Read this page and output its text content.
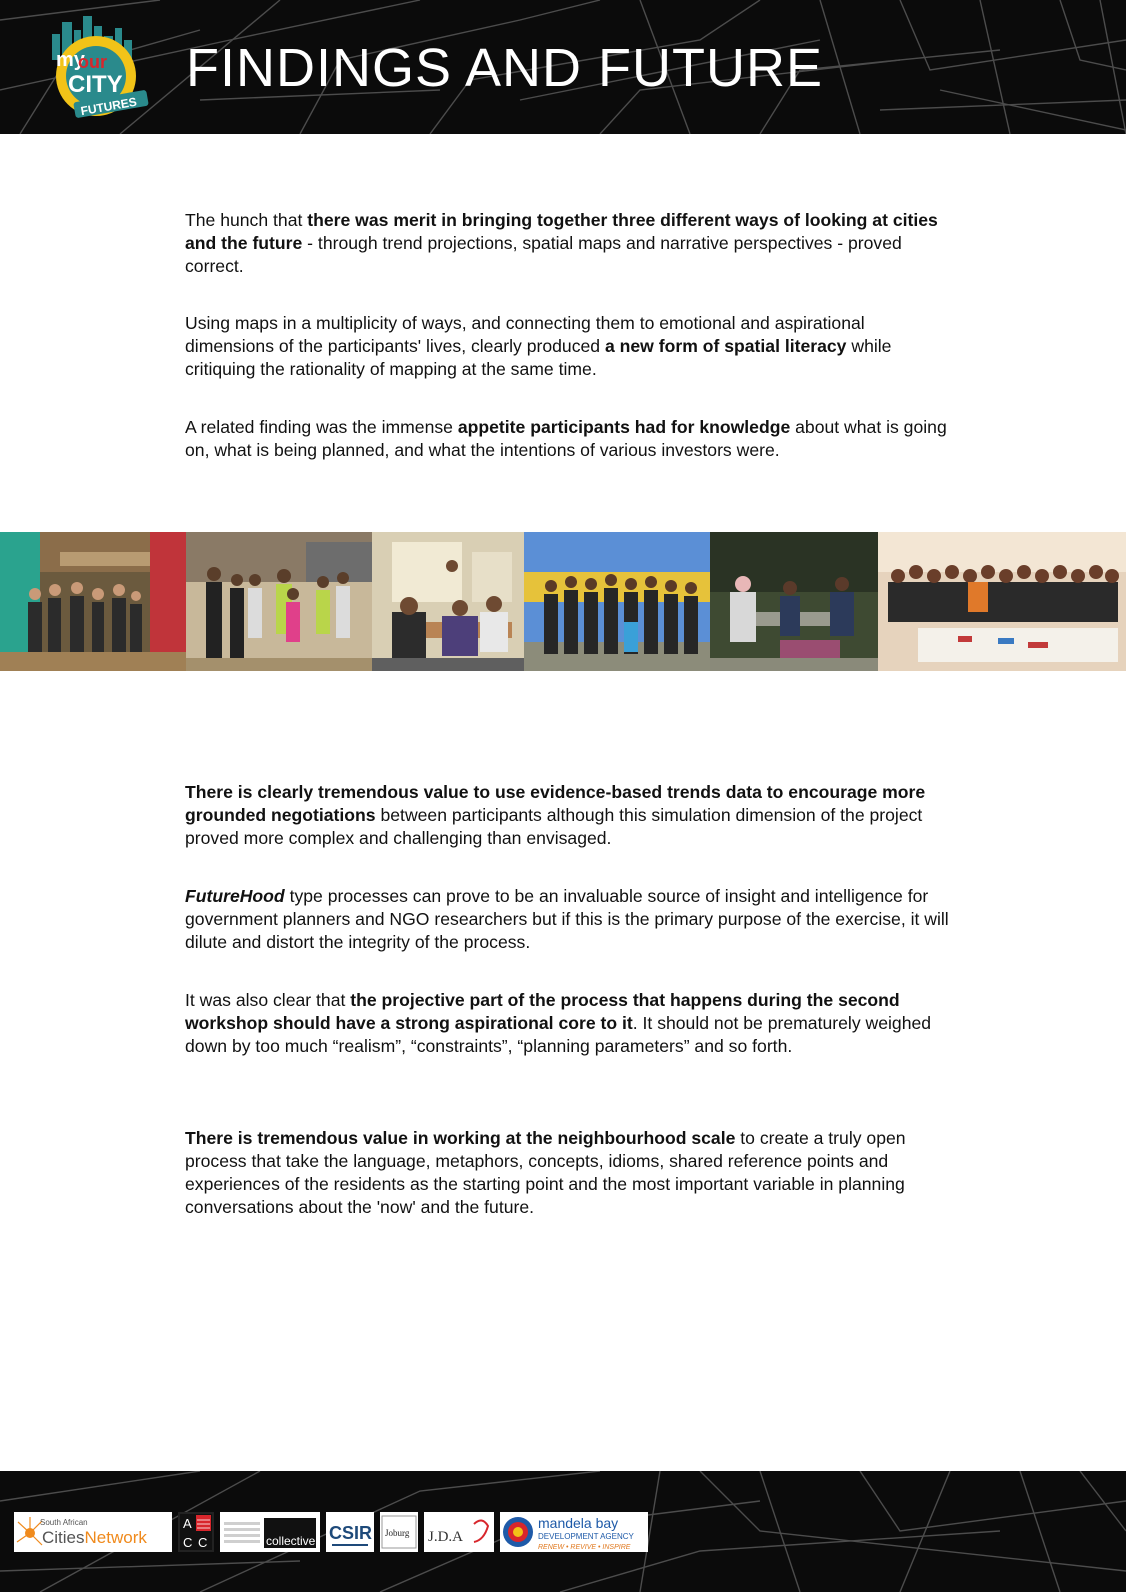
my
our
CITY
FUTURES
FINDINGS AND FUTURE

The hunch that there was merit in bringing together three different ways of looking at cities and the future - through trend projections, spatial maps and narrative perspectives - proved correct.

Using maps in a multiplicity of ways, and connecting them to emotional and aspirational dimensions of the participants' lives, clearly produced a new form of spatial literacy while critiquing the rationality of mapping at the same time.

A related finding was the immense appetite participants had for knowledge about what is going on, what is being planned, and what the intentions of various investors were.

There is clearly tremendous value to use evidence-based trends data to encourage more grounded negotiations between participants although this simulation dimension of the project proved more complex and challenging than envisaged.

FutureHood type processes can prove to be an invaluable source of insight and intelligence for government planners and NGO researchers but if this is the primary purpose of the exercise, it will dilute and distort the integrity of the process.

It was also clear that the projective part of the process that happens during the second workshop should have a strong aspirational core to it. It should not be prematurely weighed down by too much “realism”, “constraints”, “planning parameters” and so forth.

There is tremendous value in working at the neighbourhood scale to create a truly open process that take the language, metaphors, concepts, idioms, shared reference points and experiences of the residents as the starting point and the most important variable in planning conversations about the 'now' and the future.

South African
CitiesNetwork
A
C C	collective CSIR Joburg J.D.A
mandela bay
DEVELOPMENT AGENCY
RENEW • REVIVE • INSPIRE
